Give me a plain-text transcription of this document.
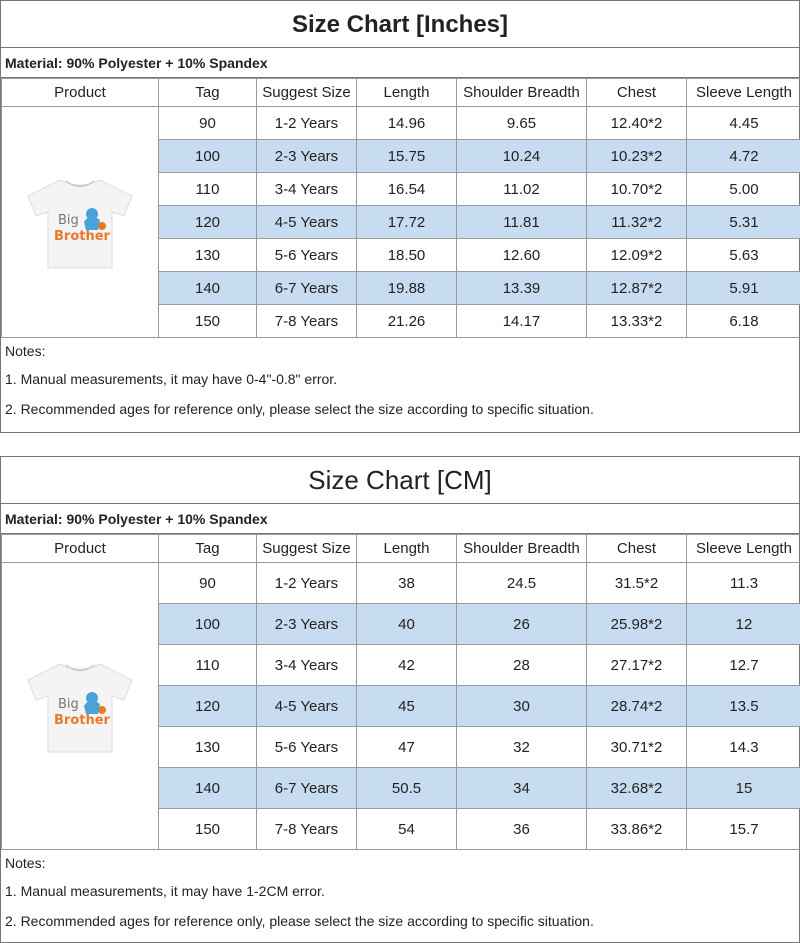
Size Chart [Inches]
Material: 90% Polyester + 10% Spandex
Product	Tag	Suggest Size	Length	Shoulder Breadth	Chest	Sleeve Length

Big
Brother	90	1-2 Years	14.96	9.65	12.40*2	4.45
	100	2-3 Years	15.75	10.24	10.23*2	4.72
	110	3-4 Years	16.54	11.02	10.70*2	5.00
	120	4-5 Years	17.72	11.81	11.32*2	5.31
	130	5-6 Years	18.50	12.60	12.09*2	5.63
	140	6-7 Years	19.88	13.39	12.87*2	5.91
	150	7-8 Years	21.26	14.17	13.33*2	6.18
Notes:
1. Manual measurements, it may have 0-4"-0.8" error.
2. Recommended ages for reference only, please select the size according to specific situation.
Size Chart [CM]
Material: 90% Polyester + 10% Spandex
Product	Tag	Suggest Size	Length	Shoulder Breadth	Chest	Sleeve Length

Big
Brother	90	1-2 Years	38	24.5	31.5*2	11.3
	100	2-3 Years	40	26	25.98*2	12
	110	3-4 Years	42	28	27.17*2	12.7
	120	4-5 Years	45	30	28.74*2	13.5
	130	5-6 Years	47	32	30.71*2	14.3
	140	6-7 Years	50.5	34	32.68*2	15
	150	7-8 Years	54	36	33.86*2	15.7
Notes:
1. Manual measurements, it may have 1-2CM error.
2. Recommended ages for reference only, please select the size according to specific situation.
